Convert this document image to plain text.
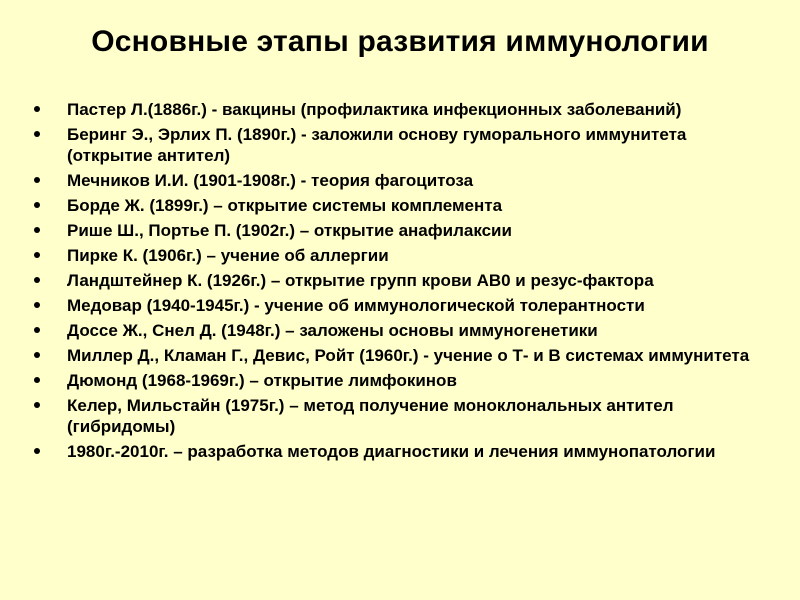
Основные этапы развития иммунологии
Пастер Л.(1886г.) - вакцины (профилактика инфекционных заболеваний)
Беринг Э., Эрлих П. (1890г.) - заложили основу гуморального иммунитета (открытие антител)
Мечников И.И. (1901-1908г.) - теория фагоцитоза
Борде Ж. (1899г.) – открытие системы комплемента
Рише Ш., Портье П. (1902г.) – открытие анафилаксии
Пирке К. (1906г.) – учение об аллергии
Ландштейнер К. (1926г.) – открытие групп крови АВ0 и резус-фактора
Медовар (1940-1945г.) - учение об иммунологической толерантности
Доссе Ж., Снел Д. (1948г.) – заложены основы иммуногенетики
Миллер Д., Кламан Г., Девис, Ройт (1960г.) - учение о Т- и В системах иммунитета
Дюмонд (1968-1969г.) – открытие лимфокинов
Келер, Мильстайн (1975г.) – метод получение моноклональных антител (гибридомы)
1980г.-2010г. – разработка методов диагностики и лечения иммунопатологии
